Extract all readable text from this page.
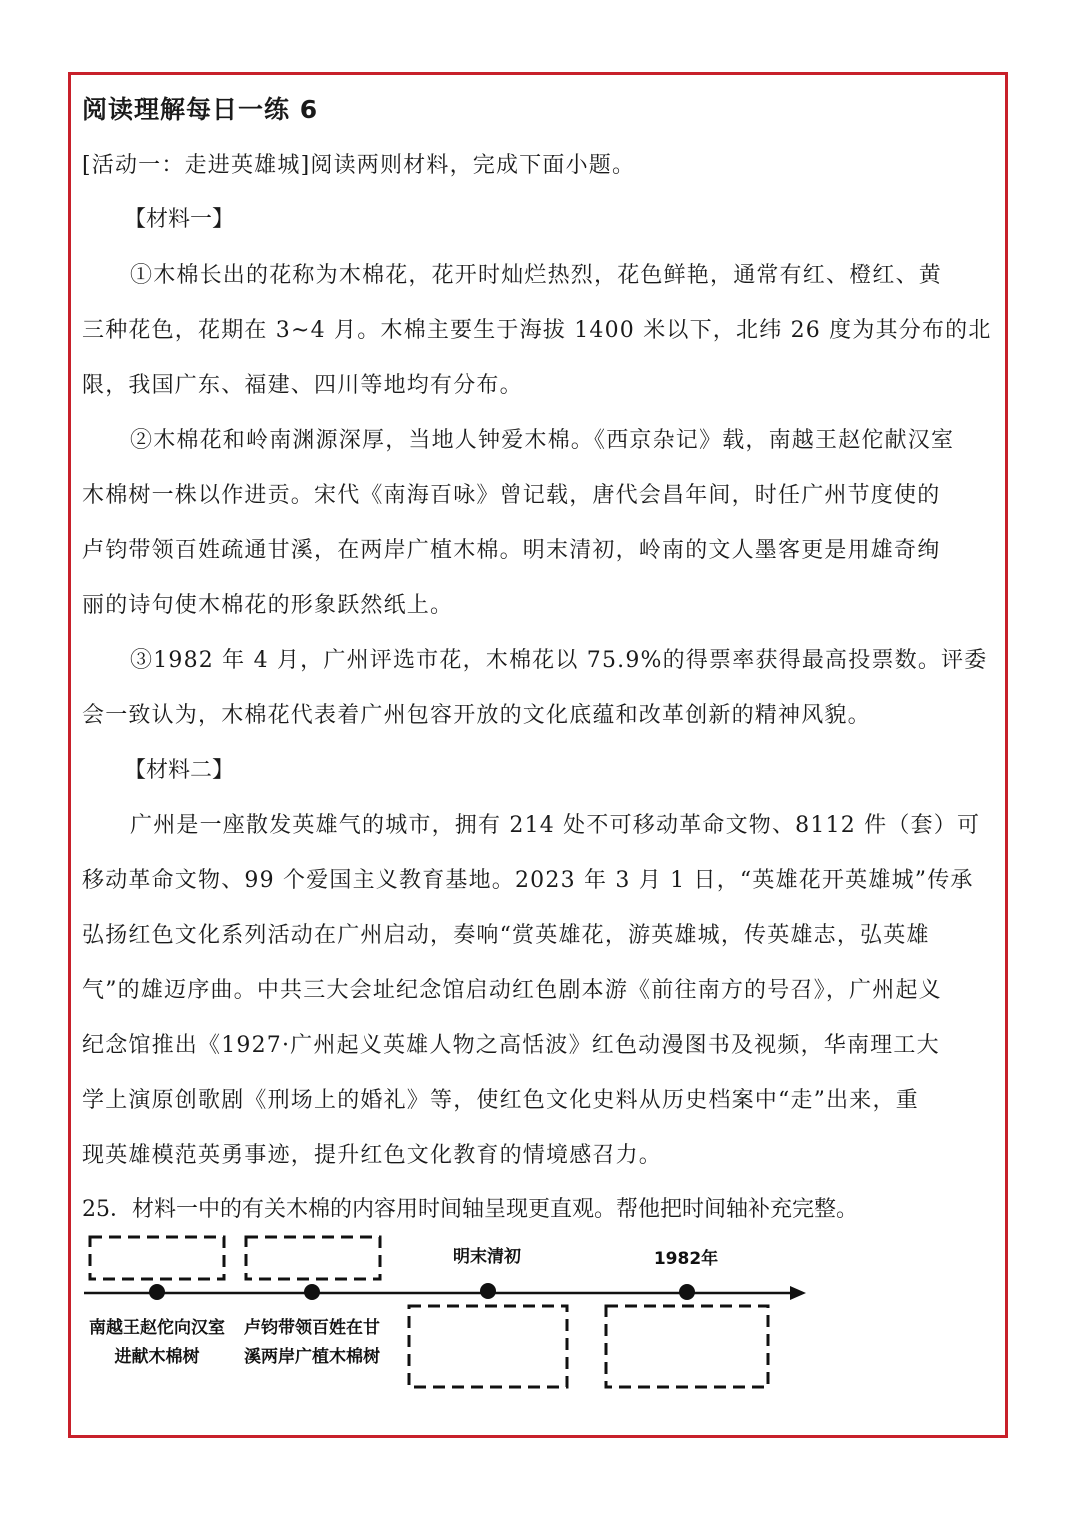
阅读理解每日一练 6
[活动一：走进英雄城]阅读两则材料，完成下面小题。
【材料一】
①木棉长出的花称为木棉花，花开时灿烂热烈，花色鲜艳，通常有红、橙红、黄
三种花色，花期在 3~4 月。木棉主要生于海拔 1400 米以下，北纬 26 度为其分布的北
限，我国广东、福建、四川等地均有分布。
②木棉花和岭南渊源深厚，当地人钟爱木棉。《西京杂记》载，南越王赵佗献汉室
木棉树一株以作进贡。宋代《南海百咏》曾记载，唐代会昌年间，时任广州节度使的
卢钧带领百姓疏通甘溪，在两岸广植木棉。明末清初，岭南的文人墨客更是用雄奇绚
丽的诗句使木棉花的形象跃然纸上。
③1982 年 4 月，广州评选市花，木棉花以 75.9%的得票率获得最高投票数。评委
会一致认为，木棉花代表着广州包容开放的文化底蕴和改革创新的精神风貌。
【材料二】
广州是一座散发英雄气的城市，拥有 214 处不可移动革命文物、8112 件（套）可
移动革命文物、99 个爱国主义教育基地。2023 年 3 月 1 日，“英雄花开英雄城”传承
弘扬红色文化系列活动在广州启动，奏响“赏英雄花，游英雄城，传英雄志，弘英雄
气”的雄迈序曲。中共三大会址纪念馆启动红色剧本游《前往南方的号召》，广州起义
纪念馆推出《1927·广州起义英雄人物之高恬波》红色动漫图书及视频，华南理工大
学上演原创歌剧《刑场上的婚礼》等，使红色文化史料从历史档案中“走”出来，重
现英雄模范英勇事迹，提升红色文化教育的情境感召力。
25．材料一中的有关木棉的内容用时间轴呈现更直观。帮他把时间轴补充完整。
明末清初	1982年
南越王赵佗向汉室
进献木棉树
卢钧带领百姓在甘
溪两岸广植木棉树
